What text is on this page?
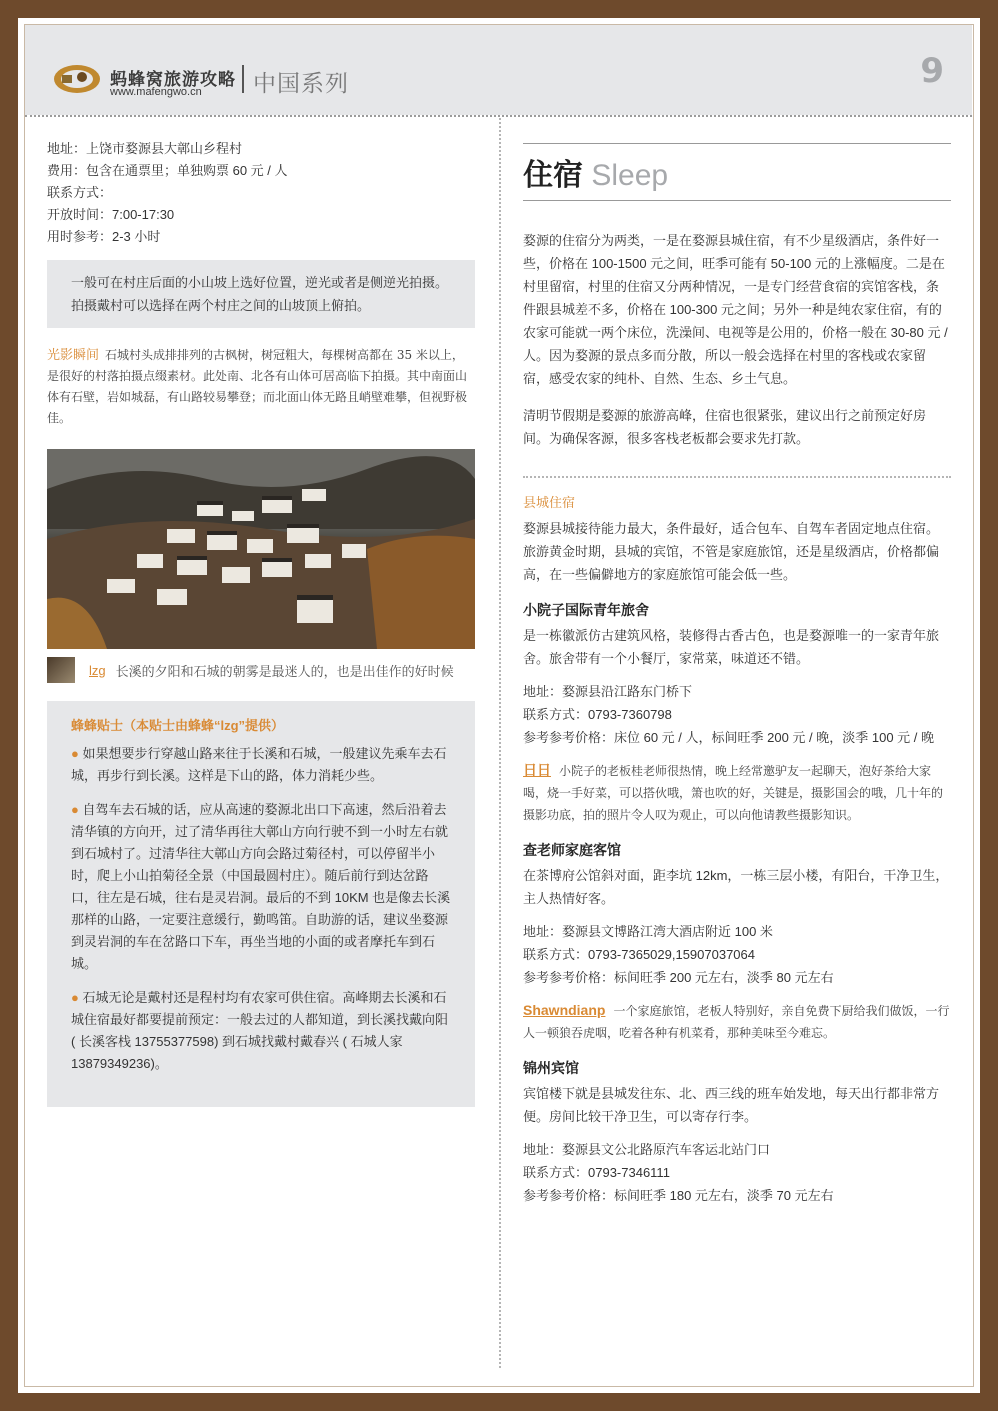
蚂蜂窝旅游攻略
www.mafengwo.cn 中国系列	9
地址：上饶市婺源县大鄣山乡程村
费用：包含在通票里；单独购票 60 元 / 人
联系方式：
开放时间：7:00-17:30
用时参考：2-3 小时
一般可在村庄后面的小山坡上选好位置，逆光或者是侧逆光拍摄。拍摄戴村可以选择在两个村庄之间的山坡顶上俯拍。
光影瞬间 石城村头成排排列的古枫树，树冠粗大，每棵树高都在 35 米以上，是很好的村落拍摄点缀素材。此处南、北各有山体可居高临下拍摄。其中南面山体有石壁，岩如城磊，有山路较易攀登；而北面山体无路且峭壁难攀，但视野极佳。
lzg 长溪的夕阳和石城的朝雾是最迷人的，也是出佳作的好时候
蜂蜂贴士（本贴士由蜂蜂“lzg”提供）
● 如果想要步行穿越山路来往于长溪和石城，一般建议先乘车去石城，再步行到长溪。这样是下山的路，体力消耗少些。
● 自驾车去石城的话，应从高速的婺源北出口下高速，然后沿着去清华镇的方向开，过了清华再往大鄣山方向行驶不到一小时左右就到石城村了。过清华往大鄣山方向会路过菊径村，可以停留半小时，爬上小山拍菊径全景（中国最圆村庄）。随后前行到达岔路口，往左是石城，往右是灵岩洞。最后的不到 10KM 也是像去长溪那样的山路，一定要注意缓行，勤鸣笛。自助游的话，建议坐婺源到灵岩洞的车在岔路口下车，再坐当地的小面的或者摩托车到石城。
● 石城无论是戴村还是程村均有农家可供住宿。高峰期去长溪和石城住宿最好都要提前预定：一般去过的人都知道，到长溪找戴向阳 ( 长溪客栈 13755377598) 到石城找戴村戴春兴 ( 石城人家 13879349236)。
住宿 Sleep

婺源的住宿分为两类，一是在婺源县城住宿，有不少星级酒店，条件好一些，价格在 100-1500 元之间，旺季可能有 50-100 元的上涨幅度。二是在村里留宿，村里的住宿又分两种情况，一是专门经营食宿的宾馆客栈，条件跟县城差不多，价格在 100-300 元之间；另外一种是纯农家住宿，有的农家可能就一两个床位，洗澡间、电视等是公用的，价格一般在 30-80 元 / 人。因为婺源的景点多而分散，所以一般会选择在村里的客栈或农家留宿，感受农家的纯朴、自然、生态、乡土气息。

清明节假期是婺源的旅游高峰，住宿也很紧张，建议出行之前预定好房间。为确保客源，很多客栈老板都会要求先打款。

县城住宿
婺源县城接待能力最大，条件最好，适合包车、自驾车者固定地点住宿。旅游黄金时期，县城的宾馆，不管是家庭旅馆，还是星级酒店，价格都偏高，在一些偏僻地方的家庭旅馆可能会低一些。
小院子国际青年旅舍
是一栋徽派仿古建筑风格，装修得古香古色，也是婺源唯一的一家青年旅舍。旅舍带有一个小餐厅，家常菜，味道还不错。
地址：婺源县沿江路东门桥下
联系方式：0793-7360798
参考参考价格：床位 60 元 / 人，标间旺季 200 元 / 晚，淡季 100 元 / 晚
日日 小院子的老板桂老师很热情，晚上经常邀驴友一起聊天，泡好茶给大家喝，烧一手好菜，可以搭伙哦，箫也吹的好，关键是，摄影国会的哦，几十年的摄影功底，拍的照片令人叹为观止，可以向他请教些摄影知识。
查老师家庭客馆
在茶博府公馆斜对面，距李坑 12km，一栋三层小楼，有阳台，干净卫生，主人热情好客。
地址：婺源县文博路江湾大酒店附近 100 米
联系方式：0793-7365029,15907037064
参考参考价格：标间旺季 200 元左右，淡季 80 元左右
Shawndianp 一个家庭旅馆，老板人特别好，亲自免费下厨给我们做饭，一行人一顿狼吞虎咽，吃着各种有机菜肴，那种美味至今难忘。
锦州宾馆
宾馆楼下就是县城发往东、北、西三线的班车始发地，每天出行都非常方便。房间比较干净卫生，可以寄存行李。
地址：婺源县文公北路原汽车客运北站门口
联系方式：0793-7346111
参考参考价格：标间旺季 180 元左右，淡季 70 元左右
